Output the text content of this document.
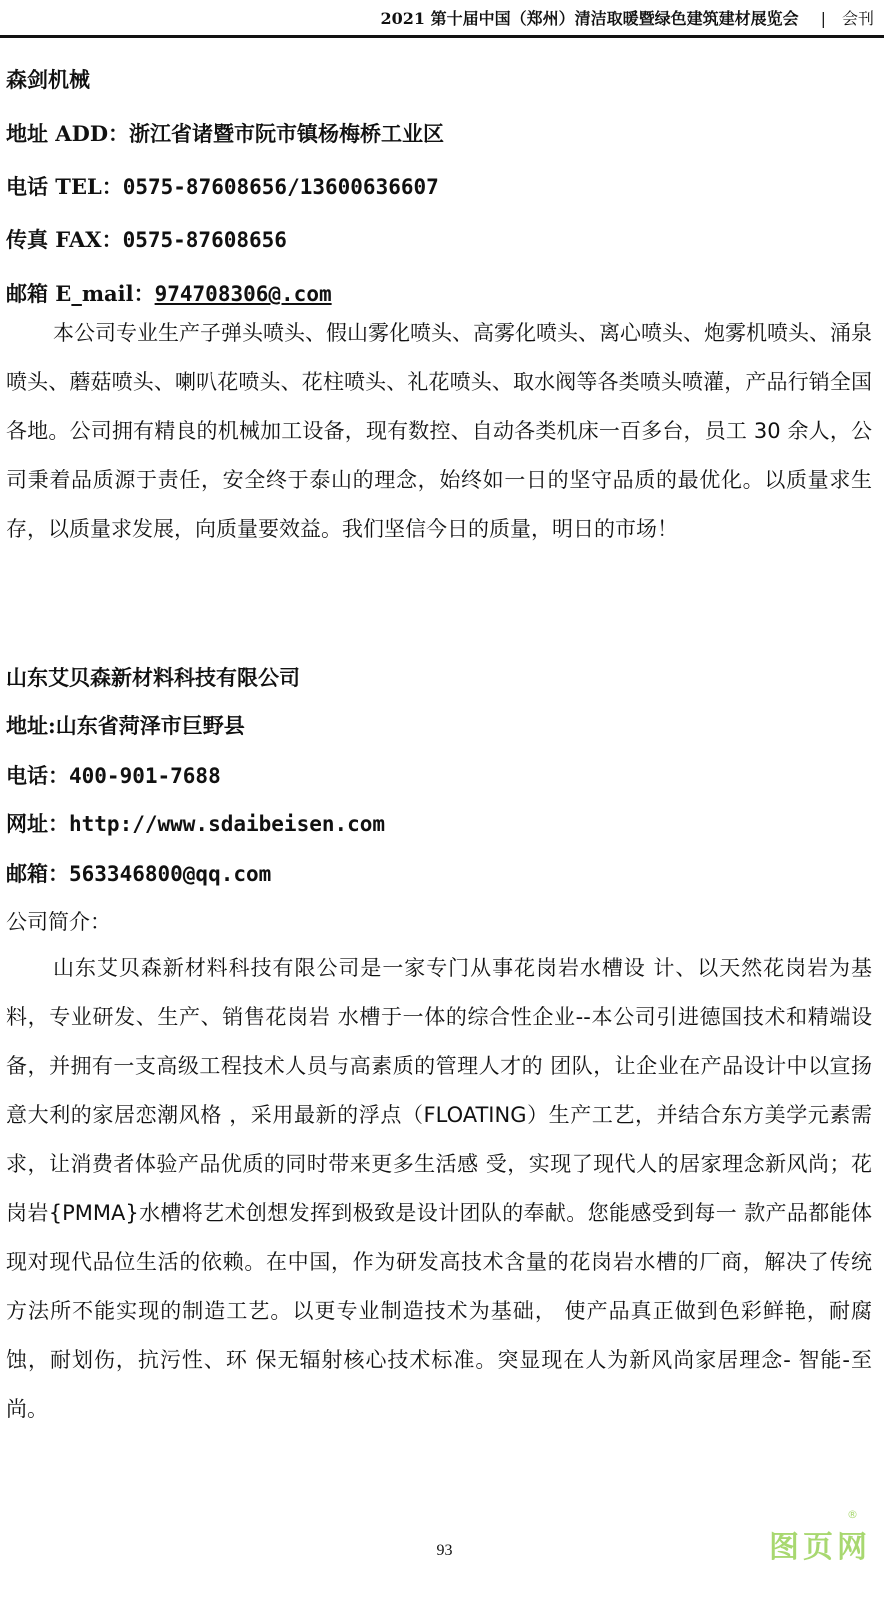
2021 第十届中国（郑州）清洁取暖暨绿色建筑建材展览会 | 会刊
森剑机械
地址 ADD：浙江省诸暨市阮市镇杨梅桥工业区
电话 TEL：0575-87608656/13600636607
传真 FAX：0575-87608656
邮箱 E_mail：974708306@.com

本公司专业生产子弹头喷头、假山雾化喷头、高雾化喷头、离心喷头、炮雾机喷头、涌泉喷头、蘑菇喷头、喇叭花喷头、花柱喷头、礼花喷头、取水阀等各类喷头喷灌，产品行销全国各地。公司拥有精良的机械加工设备，现有数控、自动各类机床一百多台，员工 30 余人，公司秉着品质源于责任，安全终于泰山的理念，始终如一日的坚守品质的最优化。以质量求生存，以质量求发展，向质量要效益。我们坚信今日的质量，明日的市场！

山东艾贝森新材料科技有限公司
地址:山东省菏泽市巨野县
电话：400-901-7688
网址：http://www.sdaibeisen.com
邮箱：563346800@qq.com
公司简介：

山东艾贝森新材料科技有限公司是一家专门从事花岗岩水槽设 计、以天然花岗岩为基料，专业研发、生产、销售花岗岩 水槽于一体的综合性企业--本公司引进德国技术和精端设 备，并拥有一支高级工程技术人员与高素质的管理人才的 团队，让企业在产品设计中以宣扬意大利的家居恋潮风格 ，采用最新的浮点（FLOATING）生产工艺，并结合东方美学元素需求，让消费者体验产品优质的同时带来更多生活感 受，实现了现代人的居家理念新风尚；花岗岩{PMMA}水槽将艺术创想发挥到极致是设计团队的奉献。您能感受到每一 款产品都能体现对现代品位生活的依赖。在中国，作为研发高技术含量的花岗岩水槽的厂商，解决了传统 方法所不能实现的制造工艺。以更专业制造技术为基础， 使产品真正做到色彩鲜艳，耐腐蚀，耐划伤，抗污性、环 保无辐射核心技术标准。突显现在人为新风尚家居理念- 智能-至尚。

93	图页网
®
